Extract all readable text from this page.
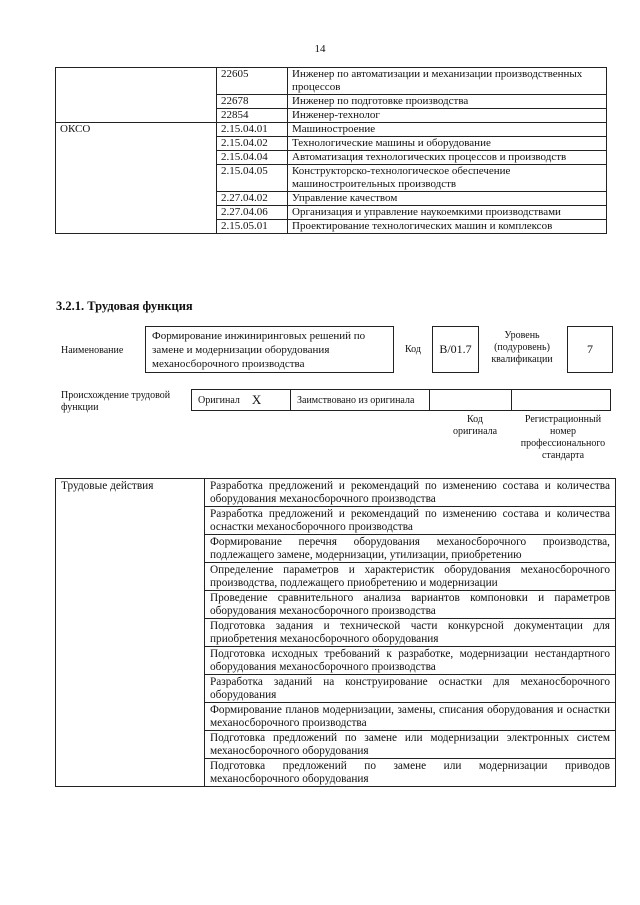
14
	22605	Инженер по автоматизации и механизации производственных процессов
	22678	Инженер по подготовке производства
	22854	Инженер-технолог
ОКСО	2.15.04.01	Машиностроение
	2.15.04.02	Технологические машины и оборудование
	2.15.04.04	Автоматизация технологических процессов и производств
	2.15.04.05	Конструкторско-технологическое обеспечение машиностроительных производств
	2.27.04.02	Управление качеством
	2.27.04.06	Организация и управление наукоемкими производствами
	2.15.05.01	Проектирование технологических машин и комплексов
3.2.1. Трудовая функция
Наименование
Формирование инжиниринговых решений по замене и модернизации оборудования механосборочного производства
Код	B/01.7
Уровень (подуровень) квалификации
7
Происхождение трудовой функции
Оригинал X	Заимствовано из оригинала
Код оригинала
Регистрационный номер профессионального стандарта
Трудовые действия	Разработка предложений и рекомендаций по изменению состава и количества оборудования механосборочного производства
Разработка предложений и рекомендаций по изменению состава и количества оснастки механосборочного производства
Формирование перечня оборудования механосборочного производства, подлежащего замене, модернизации, утилизации, приобретению
Определение параметров и характеристик оборудования механосборочного производства, подлежащего приобретению и модернизации
Проведение сравнительного анализа вариантов компоновки и параметров оборудования механосборочного производства
Подготовка задания и технической части конкурсной документации для приобретения механосборочного оборудования
Подготовка исходных требований к разработке, модернизации нестандартного оборудования механосборочного производства
Разработка заданий на конструирование оснастки для механосборочного оборудования
Формирование планов модернизации, замены, списания оборудования и оснастки механосборочного производства
Подготовка предложений по замене или модернизации электронных систем механосборочного оборудования
Подготовка предложений по замене или модернизации приводов механосборочного оборудования
